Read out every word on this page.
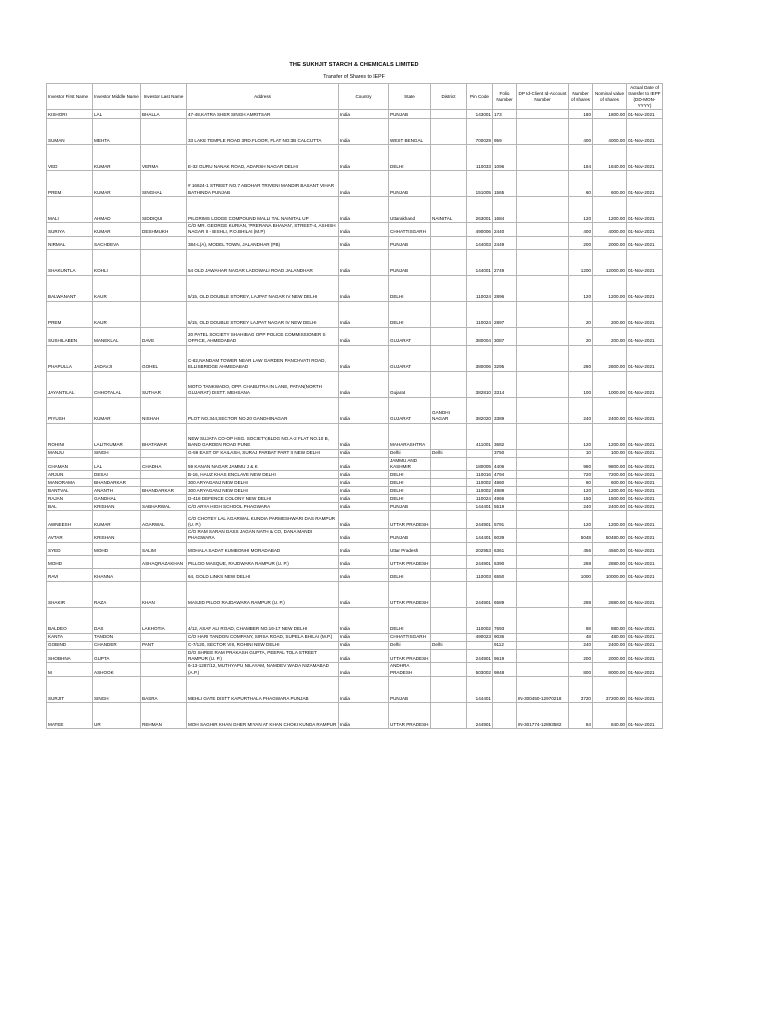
THE SUKHJIT STARCH & CHEMICALS LIMITED
Transfer of Shares to IEPF
Investor First Name	Investor Middle Name	Investor Last Name	Address	Country	State	District	Pin Code	Folio Number	DP Id-Client Id-Account Number	Number of shares	Nominal value of shares	Actual Date of transfer to IEPF
(DD-MON-YYYY)
KISHORI	LAL	BHALLA	47-48,KATRA SHER SINGH AMRITSAR	India	PUNJAB		143001	173		180	1800.00	01-Nov-2021
SUMAN	MEHTA		33 LAKE TEMPLE ROAD 3RD.FLOOR, FLAT NO:3B CALCUTTA	India	WEST BENGAL		700029	959		400	4000.00	01-Nov-2021
VED	KUMAR	VERMA	E-32 GURU NANAK ROAD, ADARSH NAGAR DELHI	India	DELHI		110033	1096		184	1840.00	01-Nov-2021
PREM	KUMAR	SINGHAL	# 16624-1 STREET NO.7 ABOHAR TRIVENI MANDIR BASANT VIHAR BATHINDA PUNJAB	India	PUNJAB		151005	1565		60	600.00	01-Nov-2021
MALI	AHMAD	SIDDIQUI	PILGRIMS LODGE COMPOUND MALLI TAL NAINITAL UP	India	Uttarakhand	NAINITAL	263001	1684		120	1200.00	01-Nov-2021
SURIYA	KUMAR	DESHMUKH	C/O MR. GEORGE KURIAN, 'PRERANA BHAVAN', STREET-4, ASHISH NAGAR II - BISHLI, P.O.BHILAI (M.P)	India	CHHATTISGARH		490006	2440		400	4000.00	01-Nov-2021
NIRMAL	SACHDEVA		384-L(A), MODEL TOWN, JALANDHAR (PB)	India	PUNJAB		144003	2449		200	2000.00	01-Nov-2021
SHAKUNTLA	KOHLI		54 OLD JAWAHAR NAGAR LADOWALI ROAD JALANDHAR	India	PUNJAB		144001	2749		1200	12000.00	01-Nov-2021
BALWANANT	KAUR		5/15, OLD DOUBLE STOREY, LAJPAT NAGAR IV NEW DELHI	India	DELHI		110024	2896		120	1200.00	01-Nov-2021
PREM	KAUR		5/15, OLD DOUBLE STOREY LAJPAT NAGAR IV NEW DELHI	India	DELHI		110024	2897		20	200.00	01-Nov-2021
SUSHILABEN	MANEKLAL	DAVE	20 PATEL SOCIETY SHAHIBAG OPP POLICE COMMISSIONER S OFFICE, AHMEDABAD	India	GUJARAT		380004	3087		20	200.00	01-Nov-2021
PHAPULLA	JADAVJI	GOHEL	C-82,NANDAM TOWER NEAR LAW GARDEN PANCHVATI ROAD, ELLISBRIDGE AHMEDABAD	India	GUJARAT		380006	3295		280	2800.00	01-Nov-2021
JAYANTILAL	CHHOTALAL	SUTHAR	MOTO TANKWADO, OPP. CHABUTRA IN LANE, PATAN(NORTH GUJARAT) DISTT. MEHSANA	India	Gujarat		382810	3314		100	1000.00	01-Nov-2021
PIYUSH	KUMAR	NISHAH	PLOT NO.344,SECTOR NO.20 GANDHINAGAR	India	GUJARAT	GANDHI NAGAR	382020	3389		240	2400.00	01-Nov-2021
ROHINI	LALITKUMAR	BHATAWAR	NEW SUJATA CO-OP HSG. SOCIETY,BLDG NO.A-2 FLAT NO.10 B, BAND GARDEN ROAD PUNE	India	MAHARASHTRA		411001	3682		120	1200.00	01-Nov-2021
MANJU	SINGH		G-59 EAST OF KAILASH, SURAJ PARBAT PART II NEW DELHI	India	Delhi	Delhi		3750		10	100.00	01-Nov-2021
CHAMAN	LAL	CHADHA	59 KANAN NAGAR JAMMU J & K	India	JAMMU AND KASHMIR		180005	4406		980	9800.00	01-Nov-2021
ARJUN	DESAI		B-16, HAUZ KHAS ENCLAVE NEW DELHI	India	DELHI		110016	4794		720	7200.00	01-Nov-2021
MANORAMA	BHANDARKAR		300 ARYAGANJ NEW DELHI	India	DELHI		110002	4860		60	600.00	01-Nov-2021
BANTVAL	ANANTH	BHANDARKAR	300 ARYAGANJ NEW DELHI	India	DELHI		110002	4889		120	1200.00	01-Nov-2021
RAJAN	GANDHAL		D-416 DEFENCE COLONY NEW DELHI	India	DELHI		110024	4966		150	1500.00	01-Nov-2021
BAL	KRISHAN	SABHARWAL	C/O ARYA HIGH SCHOOL PHAGWARA	India	PUNJAB		144401	5519		240	2400.00	01-Nov-2021
AWNEESH	KUMAR	AGARWAL	C/O CHOTEY LAL AGARWAL KUNDIA PARMESHWARI DAS RAMPUR (U. P.)	India	UTTAR PRADESH		244901	5791		120	1200.00	01-Nov-2021
AVTAR	KRISHAN		C/O RAM SARAN DASS JAGAN NATH & CO, DANA MANDI PHAGWARA	India	PUNJAB		144401	6039		5048	50480.00	01-Nov-2021
SYED	MOHD	SALIM	MOHALA SADAT KUMBONHI MORADABAD	India	Uttar Pradesh		202953	6361		456	4560.00	01-Nov-2021
MOHD		ASHAQRAZAKHAN	PILLOO MASQUE, RAJDWARA RAMPUR (U. P.)	India	UTTAR PRADESH		244901	6390		288	2880.00	01-Nov-2021
RAVI	KHANNA		64, GOLD LINKS NEW DELHI	India	DELHI		110003	6550		1000	10000.00	01-Nov-2021
SHAKIR	RAZA	KHAN	MASJID PILOO RAJDAWARA RAMPUR (U. P.)	India	UTTAR PRADESH		244901	6589		288	2880.00	01-Nov-2021
BALDEO	DAS	LAKHOTIA	4/12, ASAF ALI ROAD, CHAMBER NO.16-17 NEW DELHI	India	DELHI		110002	7693		88	880.00	01-Nov-2021
KANTA	TANDON		C/O HARI TANDON COMPANY, SIRSA ROAD, SUPELA BHILAI (M.P.)	India	CHHATTISGARH		490023	9036		48	480.00	01-Nov-2021
GOBIND	CHANDER	PANT	C-7/120, SECTOR VIII, ROHINI NEW DELHI	India	Delhi	Delhi		9112		240	2400.00	01-Nov-2021
SHOBHNA	GUPTA		D/O SHREE RAM PRAKASH GUPTA, PEEPAL TOLA STREET RAMPUR (U. P.)	India	UTTAR PRADESH		244901	9619		200	2000.00	01-Nov-2021
M	ASHOOK		6-13-1287/12, MUTHYAPU NILAYAM, NAMDEV WADA NIZAMABAD (A.P.)	India	ANDHRA PRADESH		503002	9848		800	8000.00	01-Nov-2021
SURJIT	SINGH	BASRA	MEHLI GATE DISTT KAPURTHALA PHAGWARA PUNJAB	India	PUNJAB		144401		IN-300450-12970218	3720	37200.00	01-Nov-2021
MATEE	UR	REHMAN	MOH SAGHIR KHAN GHER MIYAN AT KHAN CHOKI KUNDA RAMPUR	India	UTTAR PRADESH		244901		IN-301774-12893582	84	840.00	01-Nov-2021
